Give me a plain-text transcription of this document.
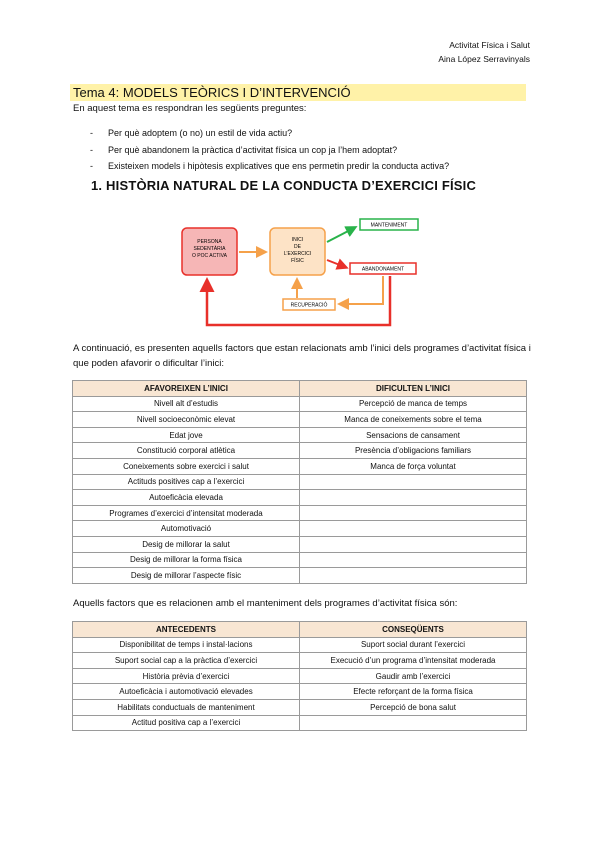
Activitat Física i Salut
Aina López Serravinyals
Tema 4: MODELS TEÒRICS I D’INTERVENCIÓ
En aquest tema es respondran les següents preguntes:
- Per què adoptem (o no) un estil de vida actiu?
- Per què abandonem la pràctica d’activitat física un cop ja l’hem adoptat?
- Existeixen models i hipòtesis explicatives que ens permetin predir la conducta activa?
1. HISTÒRIA NATURAL DE LA CONDUCTA D’EXERCICI FÍSIC
PERSONA
SEDENTÀRIA
O POC ACTIVA
INICI
DE
L’EXERCICI
FÍSIC
MANTENIMENT
ABANDONAMENT
RECUPERACIÓ
A continuació, es presenten aquells factors que estan relacionats amb l’inici dels programes d’activitat física i que poden afavorir o dificultar l’inici:
AFAVOREIXEN L’INICI	DIFICULTEN L’INICI
Nivell alt d’estudis	Percepció de manca de temps
Nivell socioeconòmic elevat	Manca de coneixements sobre el tema
Edat jove	Sensacions de cansament
Constitució corporal atlètica	Presència d’obligacions familiars
Coneixements sobre exercici i salut	Manca de força voluntat
Actituds positives cap a l’exercici	
Autoeficàcia elevada	
Programes d’exercici d’intensitat moderada	
Automotivació	
Desig de millorar la salut	
Desig de millorar la forma física	
Desig de millorar l’aspecte físic	
Aquells factors que es relacionen amb el manteniment dels programes d’activitat física són:
ANTECEDENTS	CONSEQÜENTS
Disponibilitat de temps i instal·lacions	Suport social durant l’exercici
Suport social cap a la pràctica d’exercici	Execució d’un programa d’intensitat moderada
Història prèvia d’exercici	Gaudir amb l’exercici
Autoeficàcia i automotivació elevades	Efecte reforçant de la forma física
Habilitats conductuals de manteniment	Percepció de bona salut
Actitud positiva cap a l’exercici	
